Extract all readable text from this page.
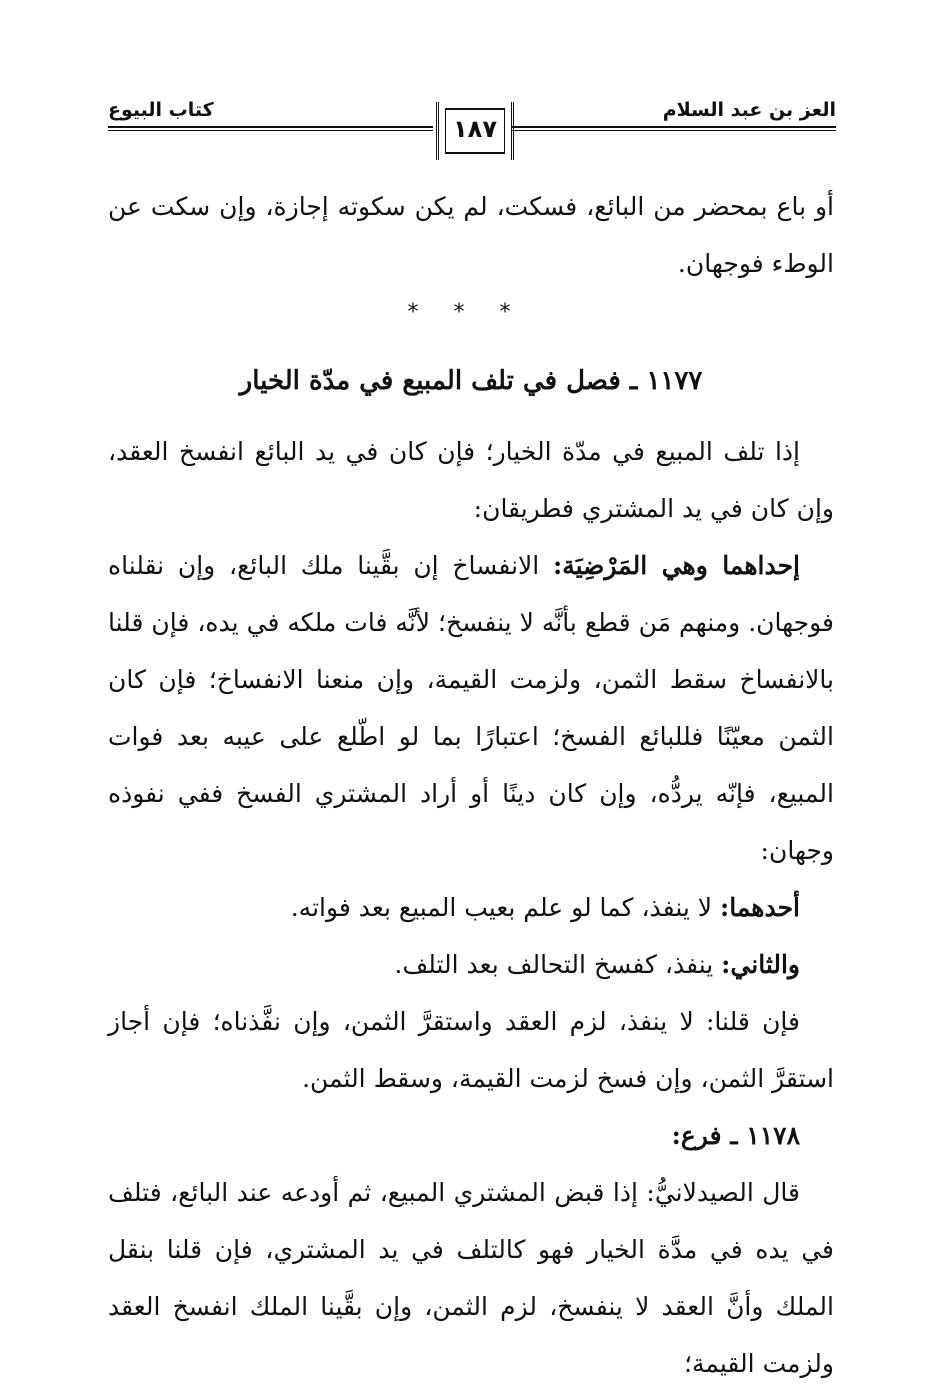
العز بن عبد السلام
١٨٧
كتاب البيوع

أو باع بمحضر من البائع، فسكت، لم يكن سكوته إجازة، وإن سكت عن الوطء فوجهان.

* * *
١١٧٧ ـ فصل في تلف المبيع في مدّة الخيار

إذا تلف المبيع في مدّة الخيار؛ فإن كان في يد البائع انفسخ العقد، وإن كان في يد المشتري فطريقان:

إحداهما وهي المَرْضِيَة: الانفساخ إن بقَّينا ملك البائع، وإن نقلناه فوجهان. ومنهم مَن قطع بأنَّه لا ينفسخ؛ لأنَّه فات ملكه في يده، فإن قلنا بالانفساخ سقط الثمن، ولزمت القيمة، وإن منعنا الانفساخ؛ فإن كان الثمن معيّنًا فللبائع الفسخ؛ اعتبارًا بما لو اطّلع على عيبه بعد فوات المبيع، فإنّه يردُّه، وإن كان دينًا أو أراد المشتري الفسخ ففي نفوذه وجهان:

أحدهما: لا ينفذ، كما لو علم بعيب المبيع بعد فواته.

والثاني: ينفذ، كفسخ التحالف بعد التلف.

فإن قلنا: لا ينفذ، لزم العقد واستقرَّ الثمن، وإن نفَّذناه؛ فإن أجاز استقرَّ الثمن، وإن فسخ لزمت القيمة، وسقط الثمن.

١١٧٨ ـ فرع:

قال الصيدلانيُّ: إذا قبض المشتري المبيع، ثم أودعه عند البائع، فتلف في يده في مدَّة الخيار فهو كالتلف في يد المشتري، فإن قلنا بنقل الملك وأنَّ العقد لا ينفسخ، لزم الثمن، وإن بقَّينا الملك انفسخ العقد ولزمت القيمة؛
